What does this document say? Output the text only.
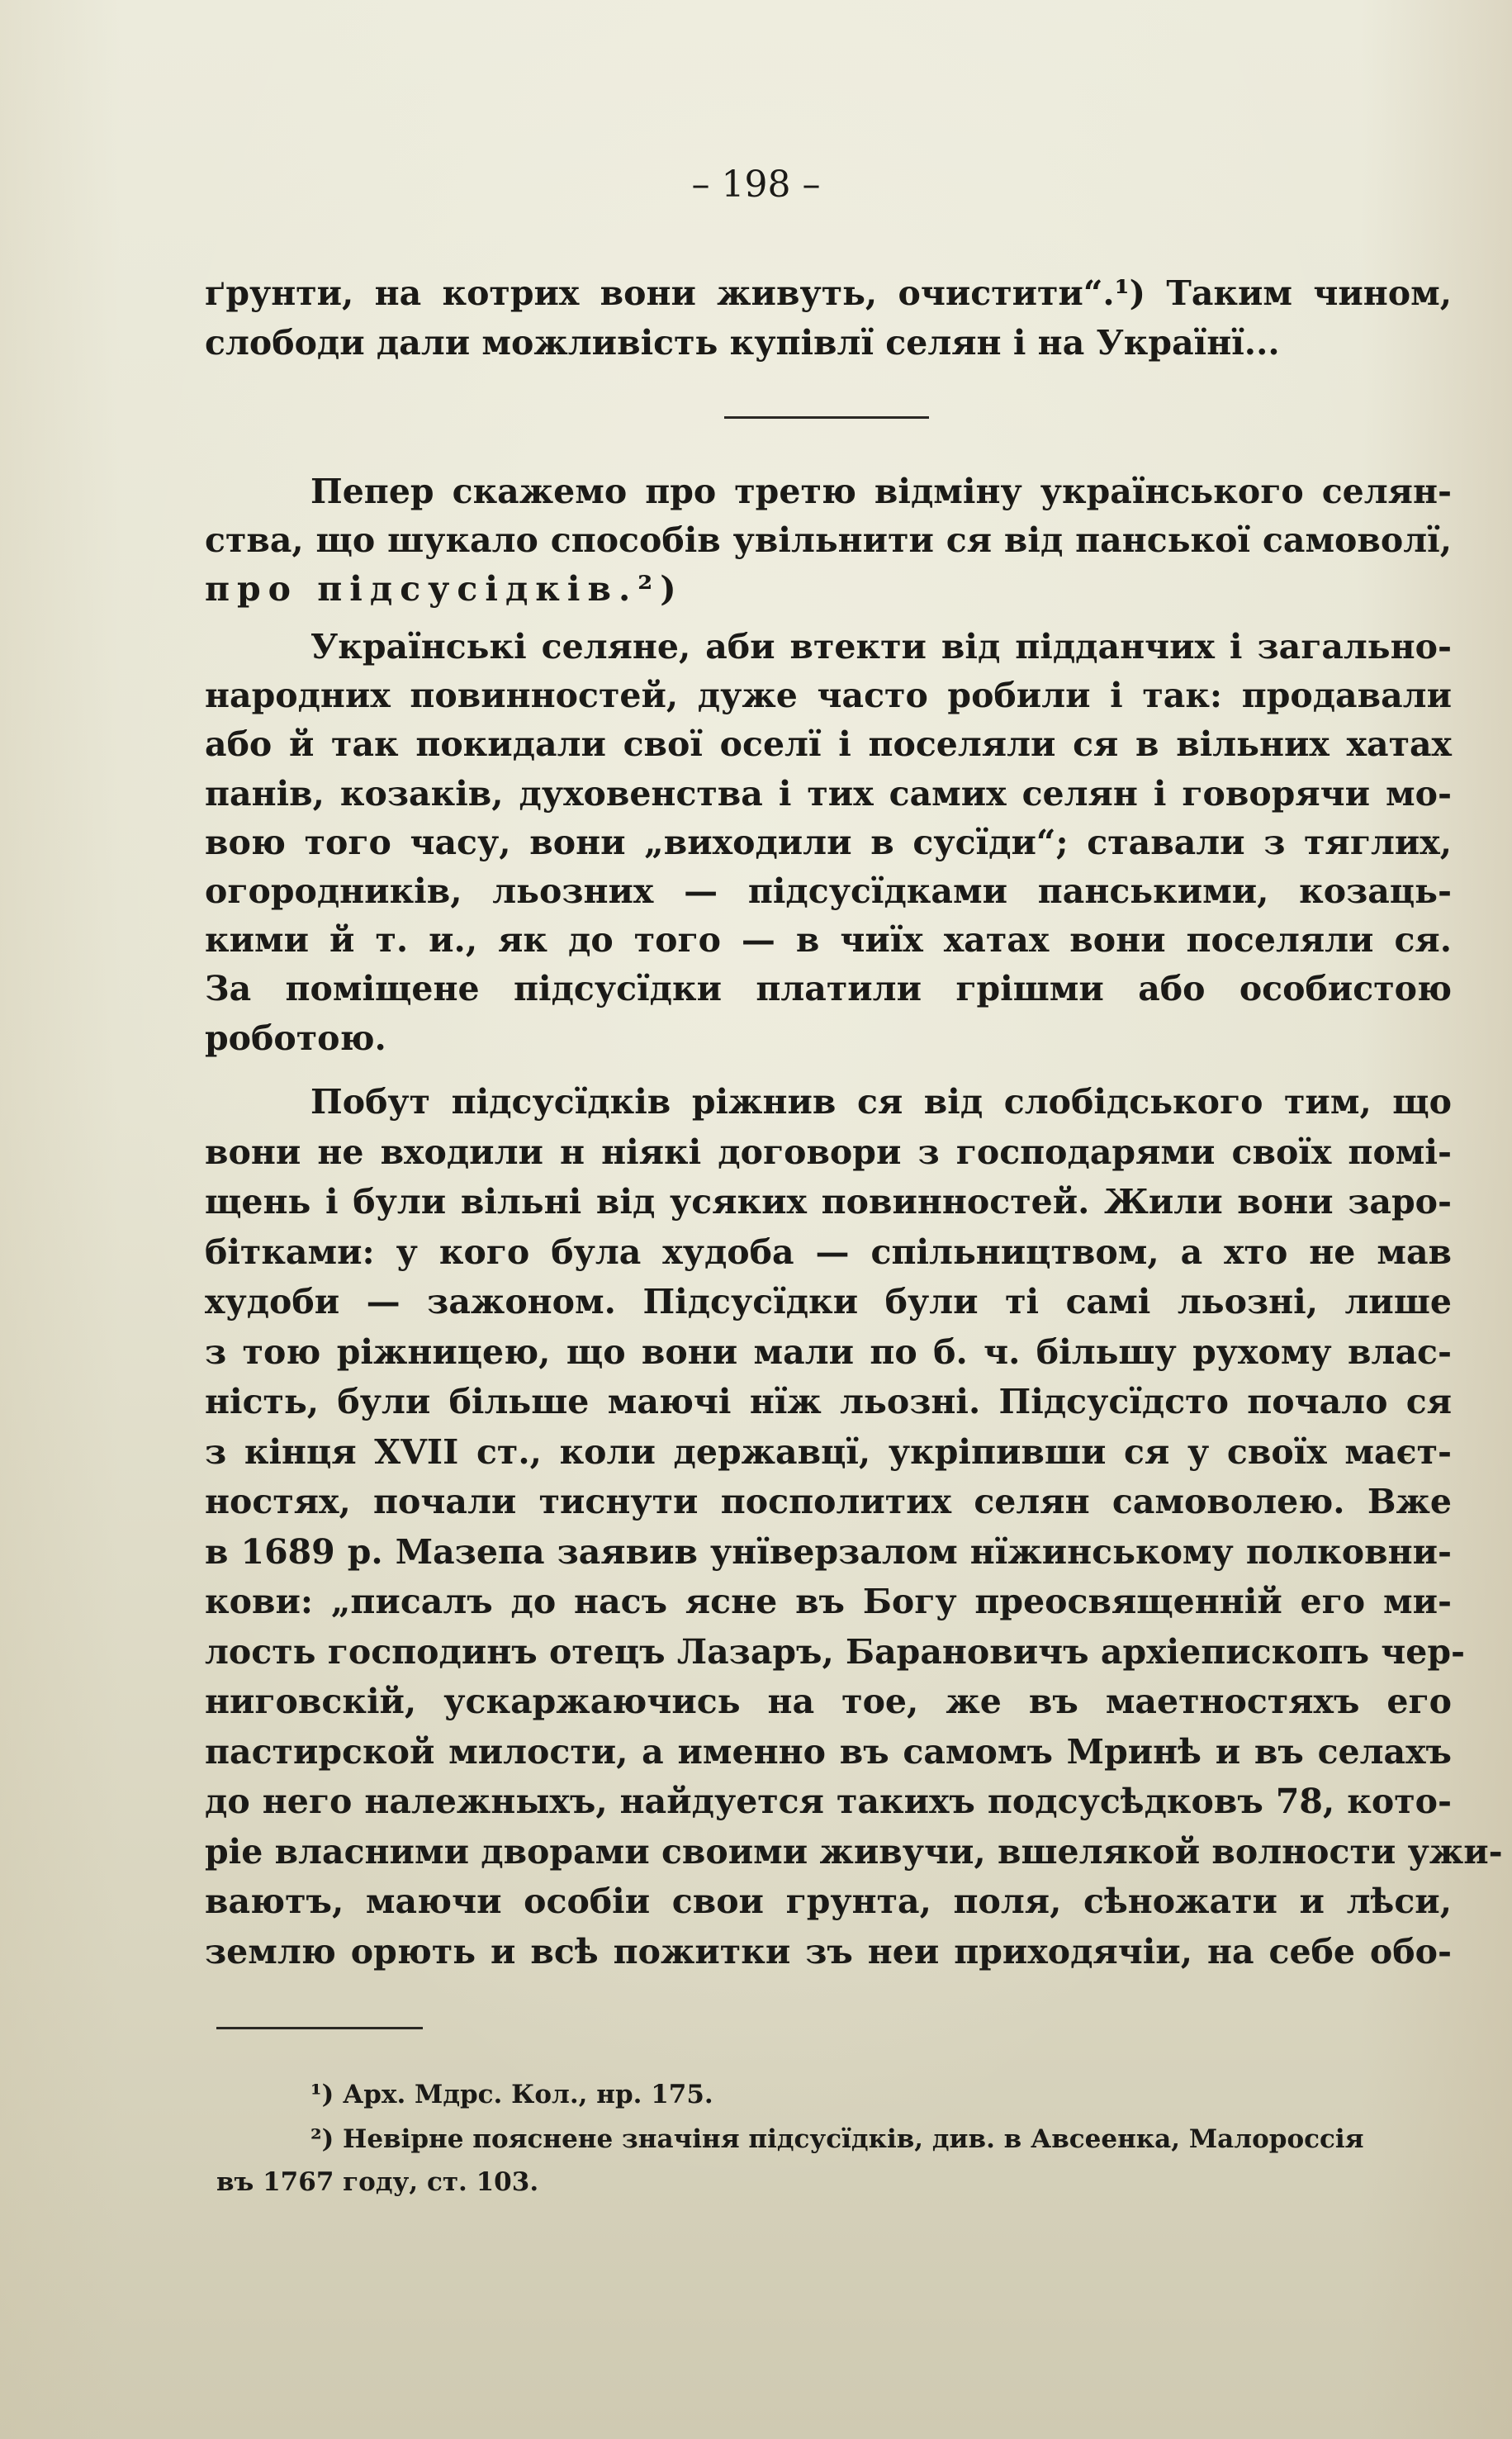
– 198 –
ґрунти, на котрих вони живуть, очистити“.¹) Таким чином,
слободи дали можливість купівлї селян і на Українї...
Пепер скажемо про третю відміну українського селян-
ства, що шукало способів увільнити ся від панської самоволї,
про підсусідків.²)
Українські селяне, аби втекти від підданчих і загально-
народних повинностей, дуже часто робили і так: продавали
або й так покидали свої оселї і поселяли ся в вільних хатах
панів, козаків, духовенства і тих самих селян і говорячи мо-
вою того часу, вони „виходили в сусїди“; ставали з тяглих,
огородників, льозних — підсусїдками панськими, козаць-
кими й т. и., як до того — в чиїх хатах вони поселяли ся.
За поміщене підсусїдки платили грішми або особистою
роботою.
Побут підсусїдків ріжнив ся від слобідського тим, що
вони не входили н ніякі договори з господарями своїх помі-
щень і були вільні від усяких повинностей. Жили вони заро-
бітками: у кого була худоба — спільництвом, а хто не мав
худоби — зажоном. Підсусїдки були ті самі льозні, лише
з тою ріжницею, що вони мали по б. ч. більшу рухому влас-
ність, були більше маючі нїж льозні. Підсусїдсто почало ся
з кінця XVII ст., коли державцї, укріпивши ся у своїх маєт-
ностях, почали тиснути посполитих селян самоволею. Вже
в 1689 р. Мазепа заявив унїверзалом нїжинському полковни-
кови: „писалъ до насъ ясне въ Богу преосвященній его ми-
лость господинъ отецъ Лазаръ, Барановичъ архіепископъ чер-
ниговскій, ускаржаючись на тое, же въ маетностяхъ его
пастирской милости, а именно въ самомъ Мринѣ и въ селахъ
до него належныхъ, найдуется такихъ подсусѣдковъ 78, кото-
ріе власними дворами своими живучи, вшелякой волности ужи-
ваютъ, маючи особіи свои грунта, поля, сѣножати и лѣси,
землю орють и всѣ пожитки зъ неи приходячіи, на себе обо-
¹) Арх. Мдрс. Кол., нр. 175.
²) Невірне пояснене значіня підсусїдків, див. в Авсеенка, Малороссія
въ 1767 году, ст. 103.
